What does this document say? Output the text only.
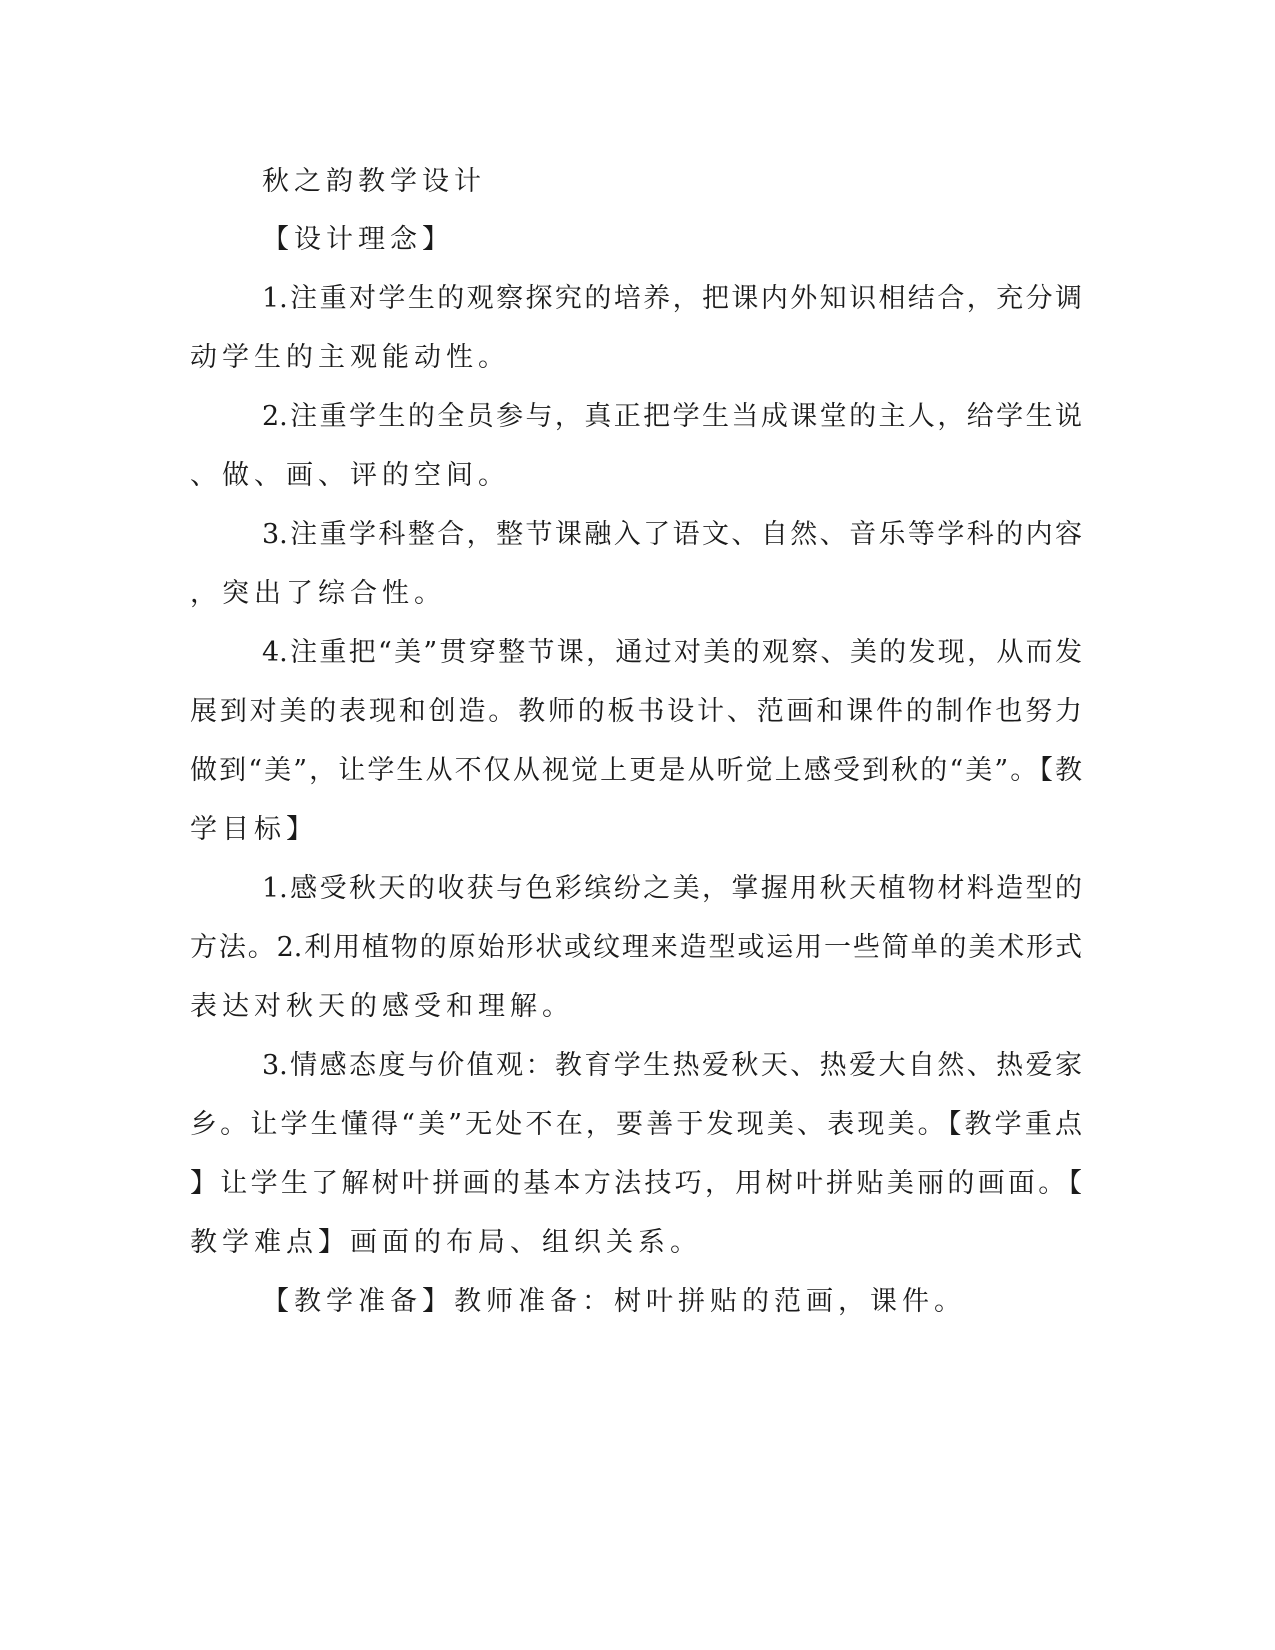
秋之韵教学设计
【设计理念】
1.注重对学生的观察探究的培养，把课内外知识相结合，充分调
动学生的主观能动性。
2.注重学生的全员参与，真正把学生当成课堂的主人，给学生说
、做、画、评的空间。
3.注重学科整合，整节课融入了语文、自然、音乐等学科的内容
，突出了综合性。
4.注重把“美”贯穿整节课，通过对美的观察、美的发现，从而发
展到对美的表现和创造。教师的板书设计、范画和课件的制作也努力
做到“美”，让学生从不仅从视觉上更是从听觉上感受到秋的“美”。【教
学目标】
1.感受秋天的收获与色彩缤纷之美，掌握用秋天植物材料造型的
方法。2.利用植物的原始形状或纹理来造型或运用一些简单的美术形式
表达对秋天的感受和理解。
3.情感态度与价值观：教育学生热爱秋天、热爱大自然、热爱家
乡。让学生懂得“美”无处不在，要善于发现美、表现美。【教学重点
】让学生了解树叶拼画的基本方法技巧，用树叶拼贴美丽的画面。【
教学难点】画面的布局、组织关系。
【教学准备】教师准备：树叶拼贴的范画，课件。
